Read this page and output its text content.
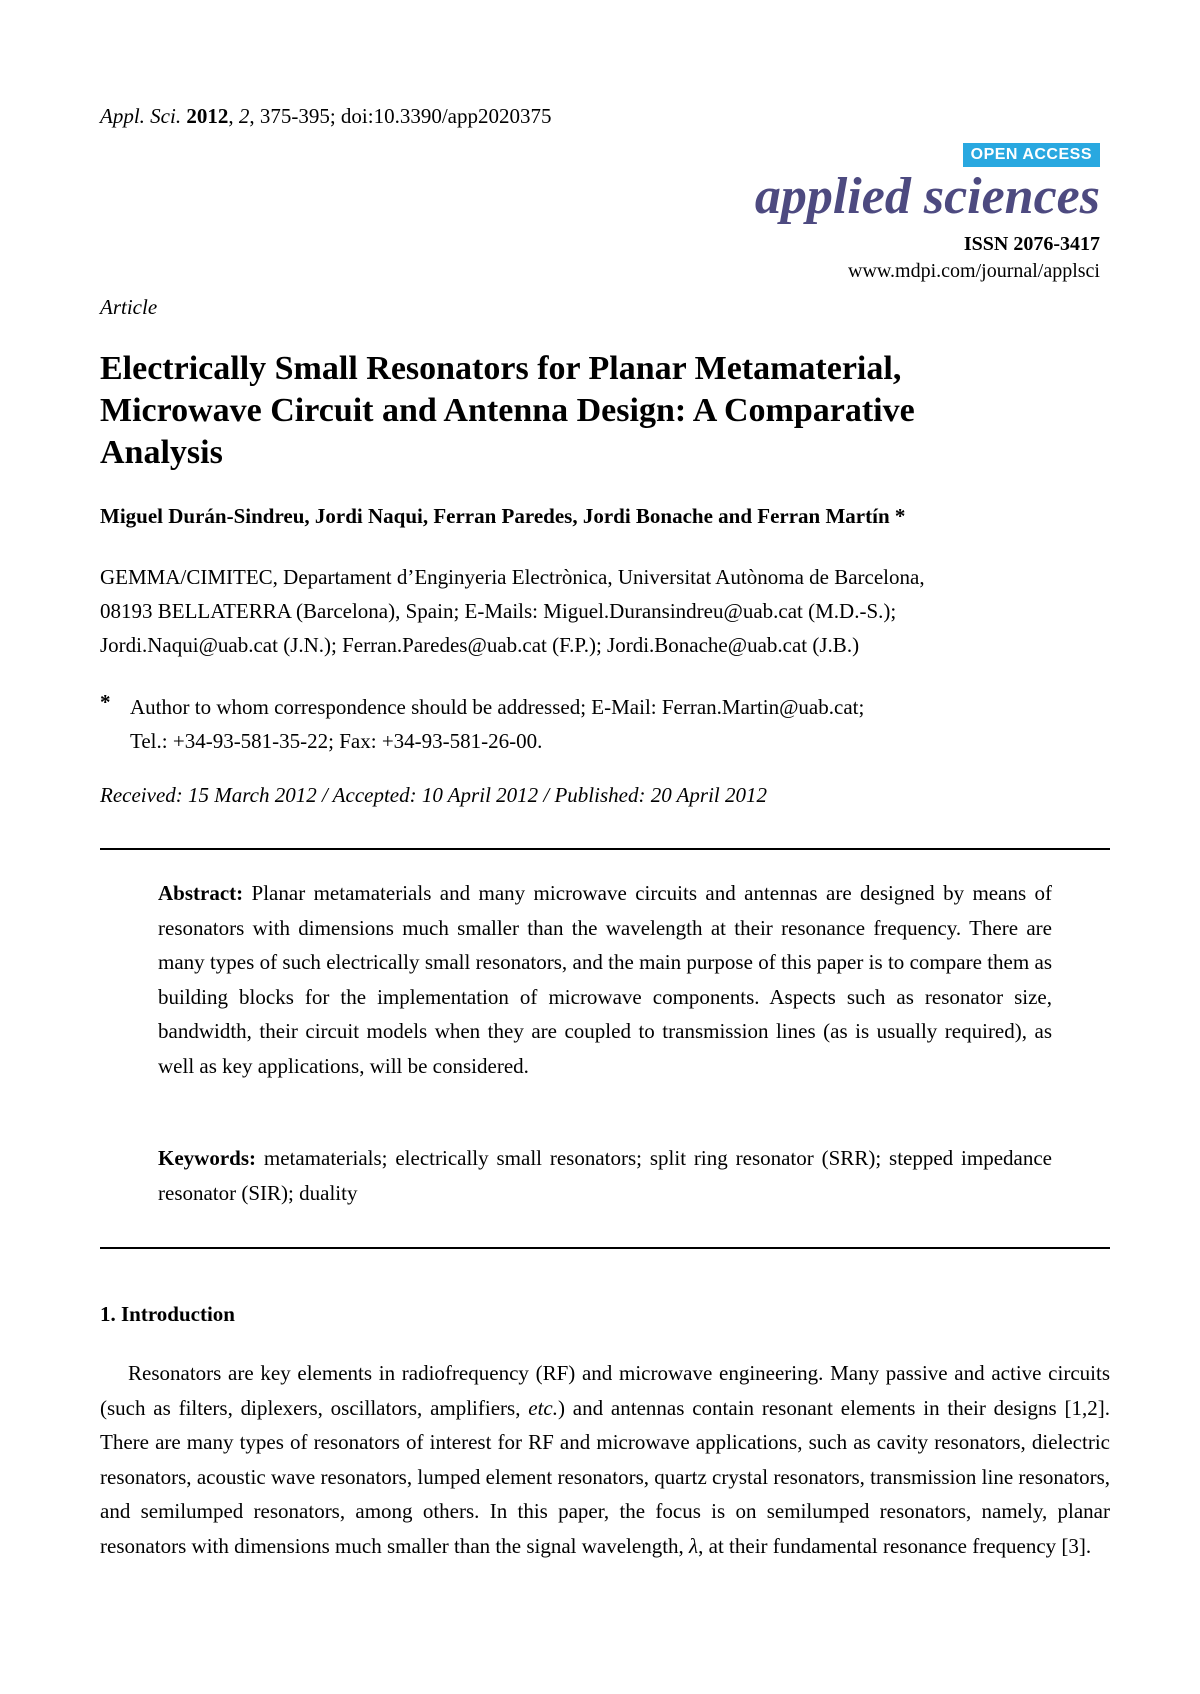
Appl. Sci. 2012, 2, 375-395; doi:10.3390/app2020375
OPEN ACCESS
applied sciences
ISSN 2076-3417
www.mdpi.com/journal/applsci
Article
Electrically Small Resonators for Planar Metamaterial,
Microwave Circuit and Antenna Design: A Comparative
Analysis
Miguel Durán-Sindreu, Jordi Naqui, Ferran Paredes, Jordi Bonache and Ferran Martín *
GEMMA/CIMITEC, Departament d’Enginyeria Electrònica, Universitat Autònoma de Barcelona,
08193 BELLATERRA (Barcelona), Spain; E-Mails: Miguel.Duransindreu@uab.cat (M.D.-S.);
Jordi.Naqui@uab.cat (J.N.); Ferran.Paredes@uab.cat (F.P.); Jordi.Bonache@uab.cat (J.B.)
* Author to whom correspondence should be addressed; E-Mail: Ferran.Martin@uab.cat;
Tel.: +34-93-581-35-22; Fax: +34-93-581-26-00.
Received: 15 March 2012 / Accepted: 10 April 2012 / Published: 20 April 2012
Abstract: Planar metamaterials and many microwave circuits and antennas are designed by means of resonators with dimensions much smaller than the wavelength at their resonance frequency. There are many types of such electrically small resonators, and the main purpose of this paper is to compare them as building blocks for the implementation of microwave components. Aspects such as resonator size, bandwidth, their circuit models when they are coupled to transmission lines (as is usually required), as well as key applications, will be considered.
Keywords: metamaterials; electrically small resonators; split ring resonator (SRR); stepped impedance resonator (SIR); duality
1. Introduction

Resonators are key elements in radiofrequency (RF) and microwave engineering. Many passive and active circuits (such as filters, diplexers, oscillators, amplifiers, etc.) and antennas contain resonant elements in their designs [1,2]. There are many types of resonators of interest for RF and microwave applications, such as cavity resonators, dielectric resonators, acoustic wave resonators, lumped element resonators, quartz crystal resonators, transmission line resonators, and semilumped resonators, among others. In this paper, the focus is on semilumped resonators, namely, planar resonators with dimensions much smaller than the signal wavelength, λ, at their fundamental resonance frequency [3].
